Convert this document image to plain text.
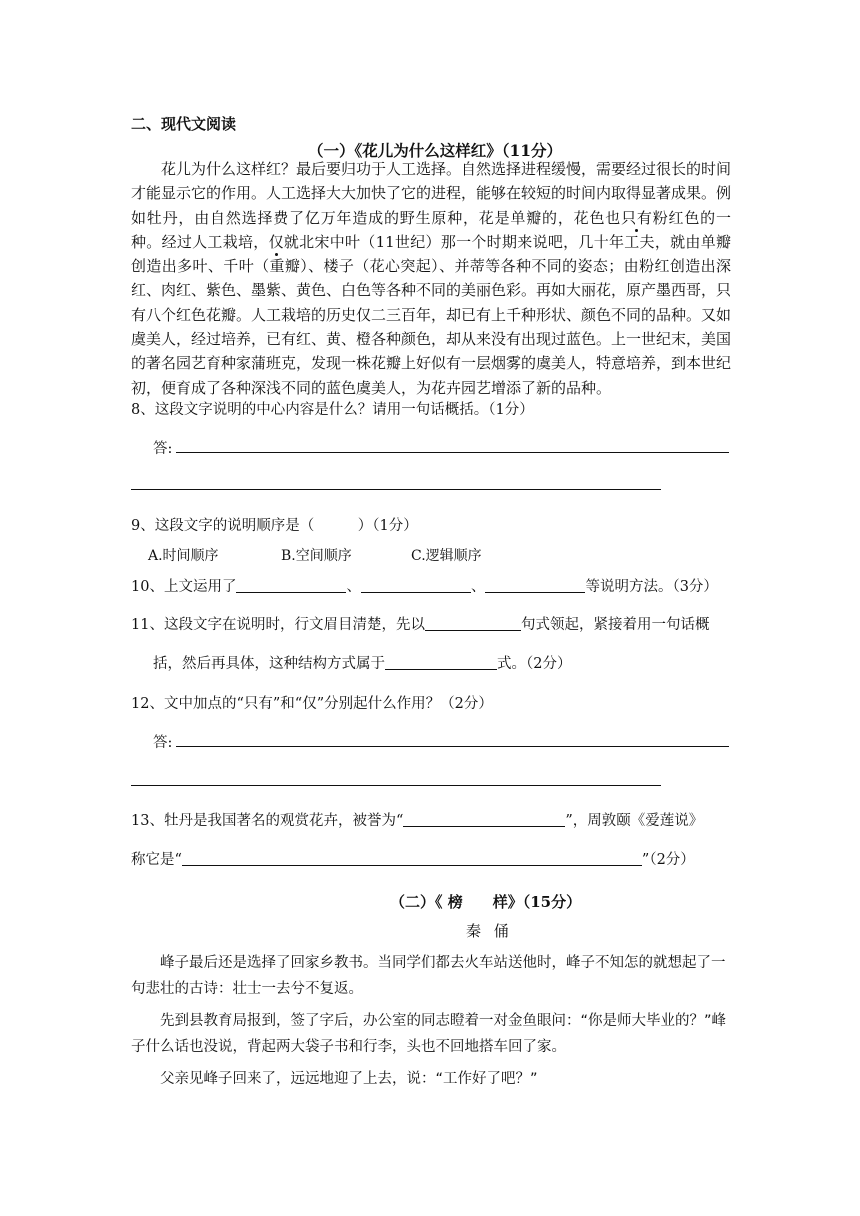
二、现代文阅读
（一）《花儿为什么这样红》（11分）

　　花儿为什么这样红？最后要归功于人工选择。自然选择进程缓慢，需要经过很长的时间才能显示它的作用。人工选择大大加快了它的进程，能够在较短的时间内取得显著成果。例如牡丹，由自然选择费了亿万年造成的野生原种，花是单瓣的，花色也只有粉红色的一种。经过人工栽培，仅就北宋中叶（11世纪）那一个时期来说吧，几十年工夫，就由单瓣创造出多叶、千叶（重瓣）、楼子（花心突起）、并蒂等各种不同的姿态；由粉红创造出深红、肉红、紫色、墨紫、黄色、白色等各种不同的美丽色彩。再如大丽花，原产墨西哥，只有八个红色花瓣。人工栽培的历史仅二三百年，却已有上千种形状、颜色不同的品种。又如虞美人，经过培养，已有红、黄、橙各种颜色，却从来没有出现过蓝色。上一世纪末，美国的著名园艺育种家蒲班克，发现一株花瓣上好似有一层烟雾的虞美人，特意培养，到本世纪初，便育成了各种深浅不同的蓝色虞美人，为花卉园艺增添了新的品种。

8、这段文字说明的中心内容是什么？请用一句话概括。（1分）
答:
9、这段文字的说明顺序是（　　　）（1分）
A.时间顺序	B.空间顺序	C.逻辑顺序
10、上文运用了	、	、	等说明方法。（3分）
11、这段文字在说明时，行文眉目清楚，先以	句式领起，紧接着用一句话概
括，然后再具体，这种结构方式属于	式。（2分）
12、文中加点的“只有”和“仅”分别起什么作用？（2分）
答:
13、牡丹是我国著名的观赏花卉，被誉为“	”，周敦颐《爱莲说》
称它是“	”（2分）
（二）《 榜　　样》（15分）
秦 俑

峰子最后还是选择了回家乡教书。当同学们都去火车站送他时，峰子不知怎的就想起了一句悲壮的古诗：壮士一去兮不复返。

先到县教育局报到，签了字后，办公室的同志瞪着一对金鱼眼问：“你是师大毕业的？”峰子什么话也没说，背起两大袋子书和行李，头也不回地搭车回了家。

父亲见峰子回来了，远远地迎了上去，说：“工作好了吧？”
